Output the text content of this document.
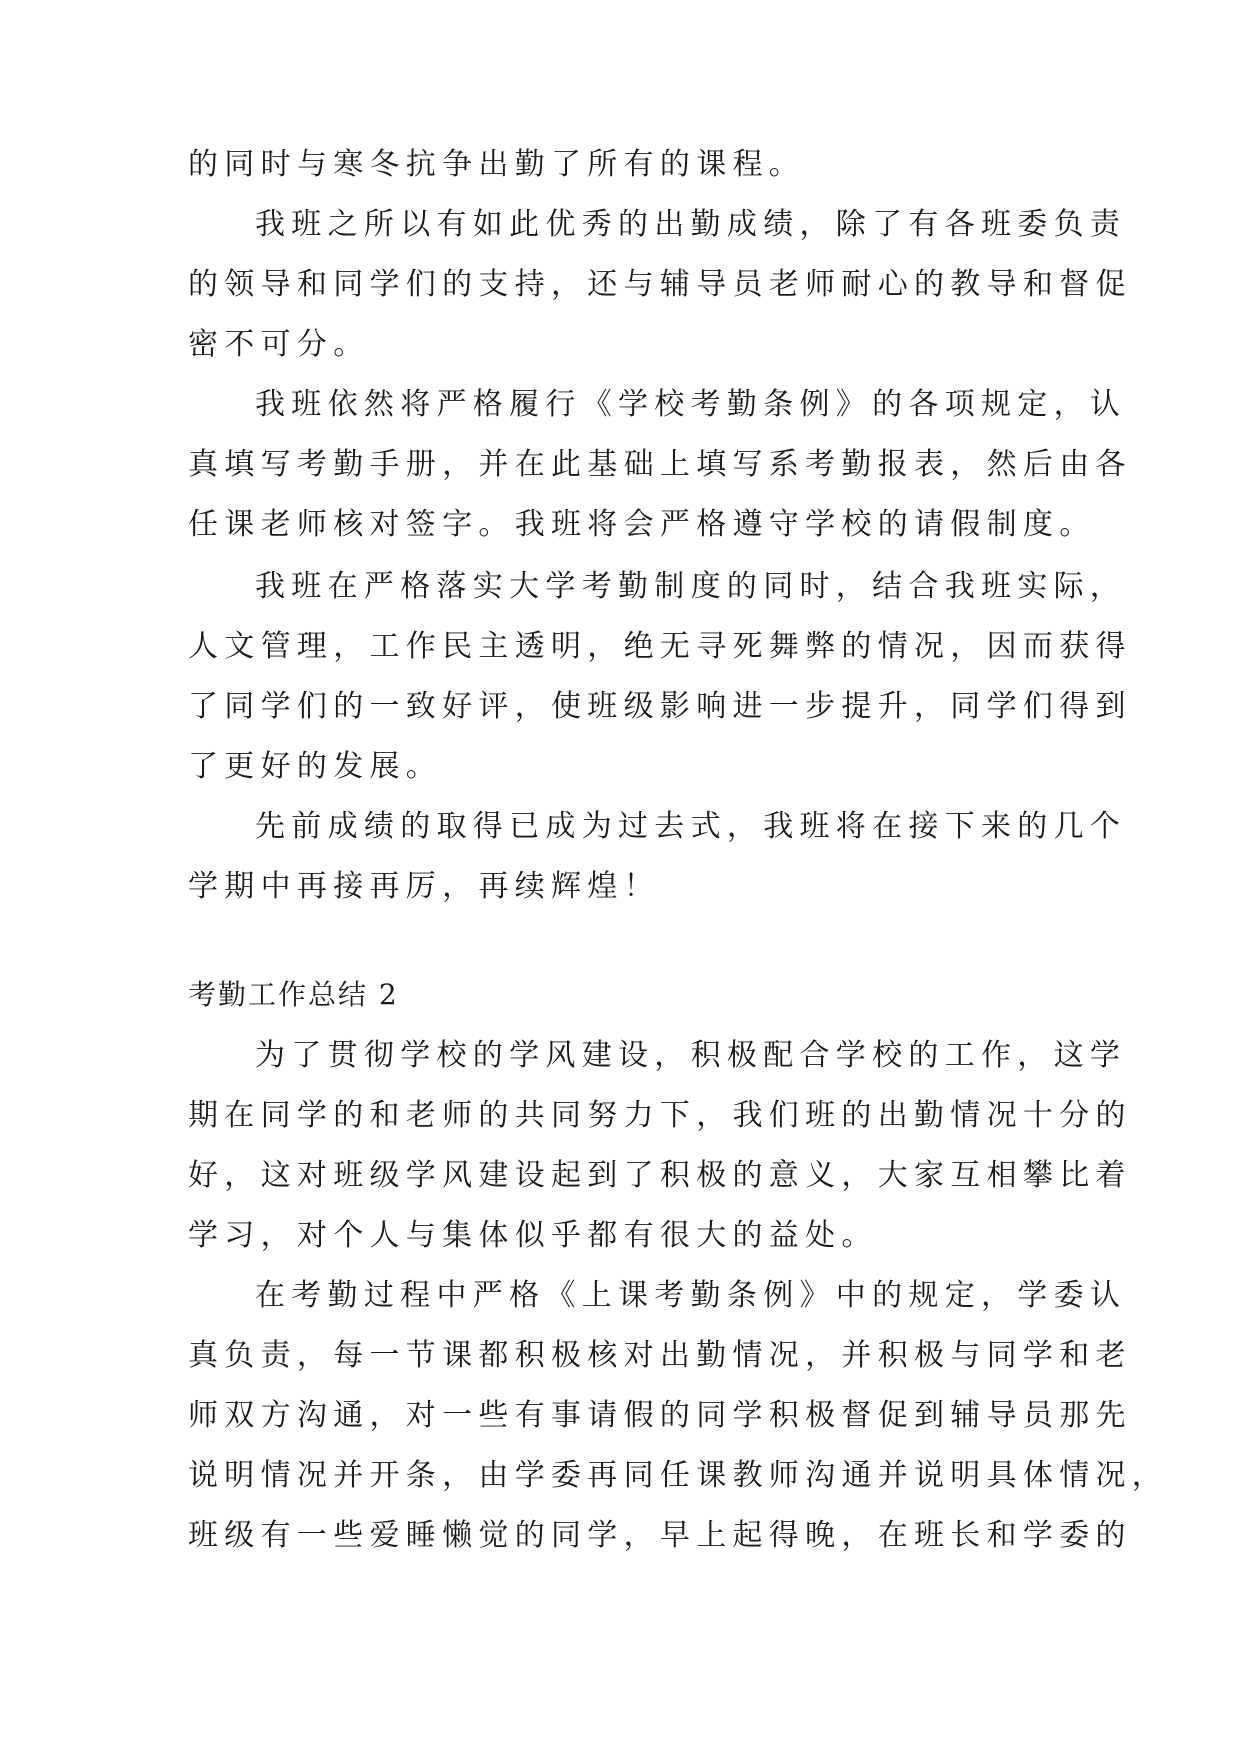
的同时与寒冬抗争出勤了所有的课程。
我班之所以有如此优秀的出勤成绩，除了有各班委负责
的领导和同学们的支持，还与辅导员老师耐心的教导和督促
密不可分。
我班依然将严格履行《学校考勤条例》的各项规定，认
真填写考勤手册，并在此基础上填写系考勤报表，然后由各
任课老师核对签字。我班将会严格遵守学校的请假制度。
我班在严格落实大学考勤制度的同时，结合我班实际，
人文管理，工作民主透明，绝无寻死舞弊的情况，因而获得
了同学们的一致好评，使班级影响进一步提升，同学们得到
了更好的发展。
先前成绩的取得已成为过去式，我班将在接下来的几个
学期中再接再厉，再续辉煌！
考勤工作总结 2
为了贯彻学校的学风建设，积极配合学校的工作，这学
期在同学的和老师的共同努力下，我们班的出勤情况十分的
好，这对班级学风建设起到了积极的意义，大家互相攀比着
学习，对个人与集体似乎都有很大的益处。
在考勤过程中严格《上课考勤条例》中的规定，学委认
真负责，每一节课都积极核对出勤情况，并积极与同学和老
师双方沟通，对一些有事请假的同学积极督促到辅导员那先
说明情况并开条，由学委再同任课教师沟通并说明具体情况，
班级有一些爱睡懒觉的同学，早上起得晚，在班长和学委的
